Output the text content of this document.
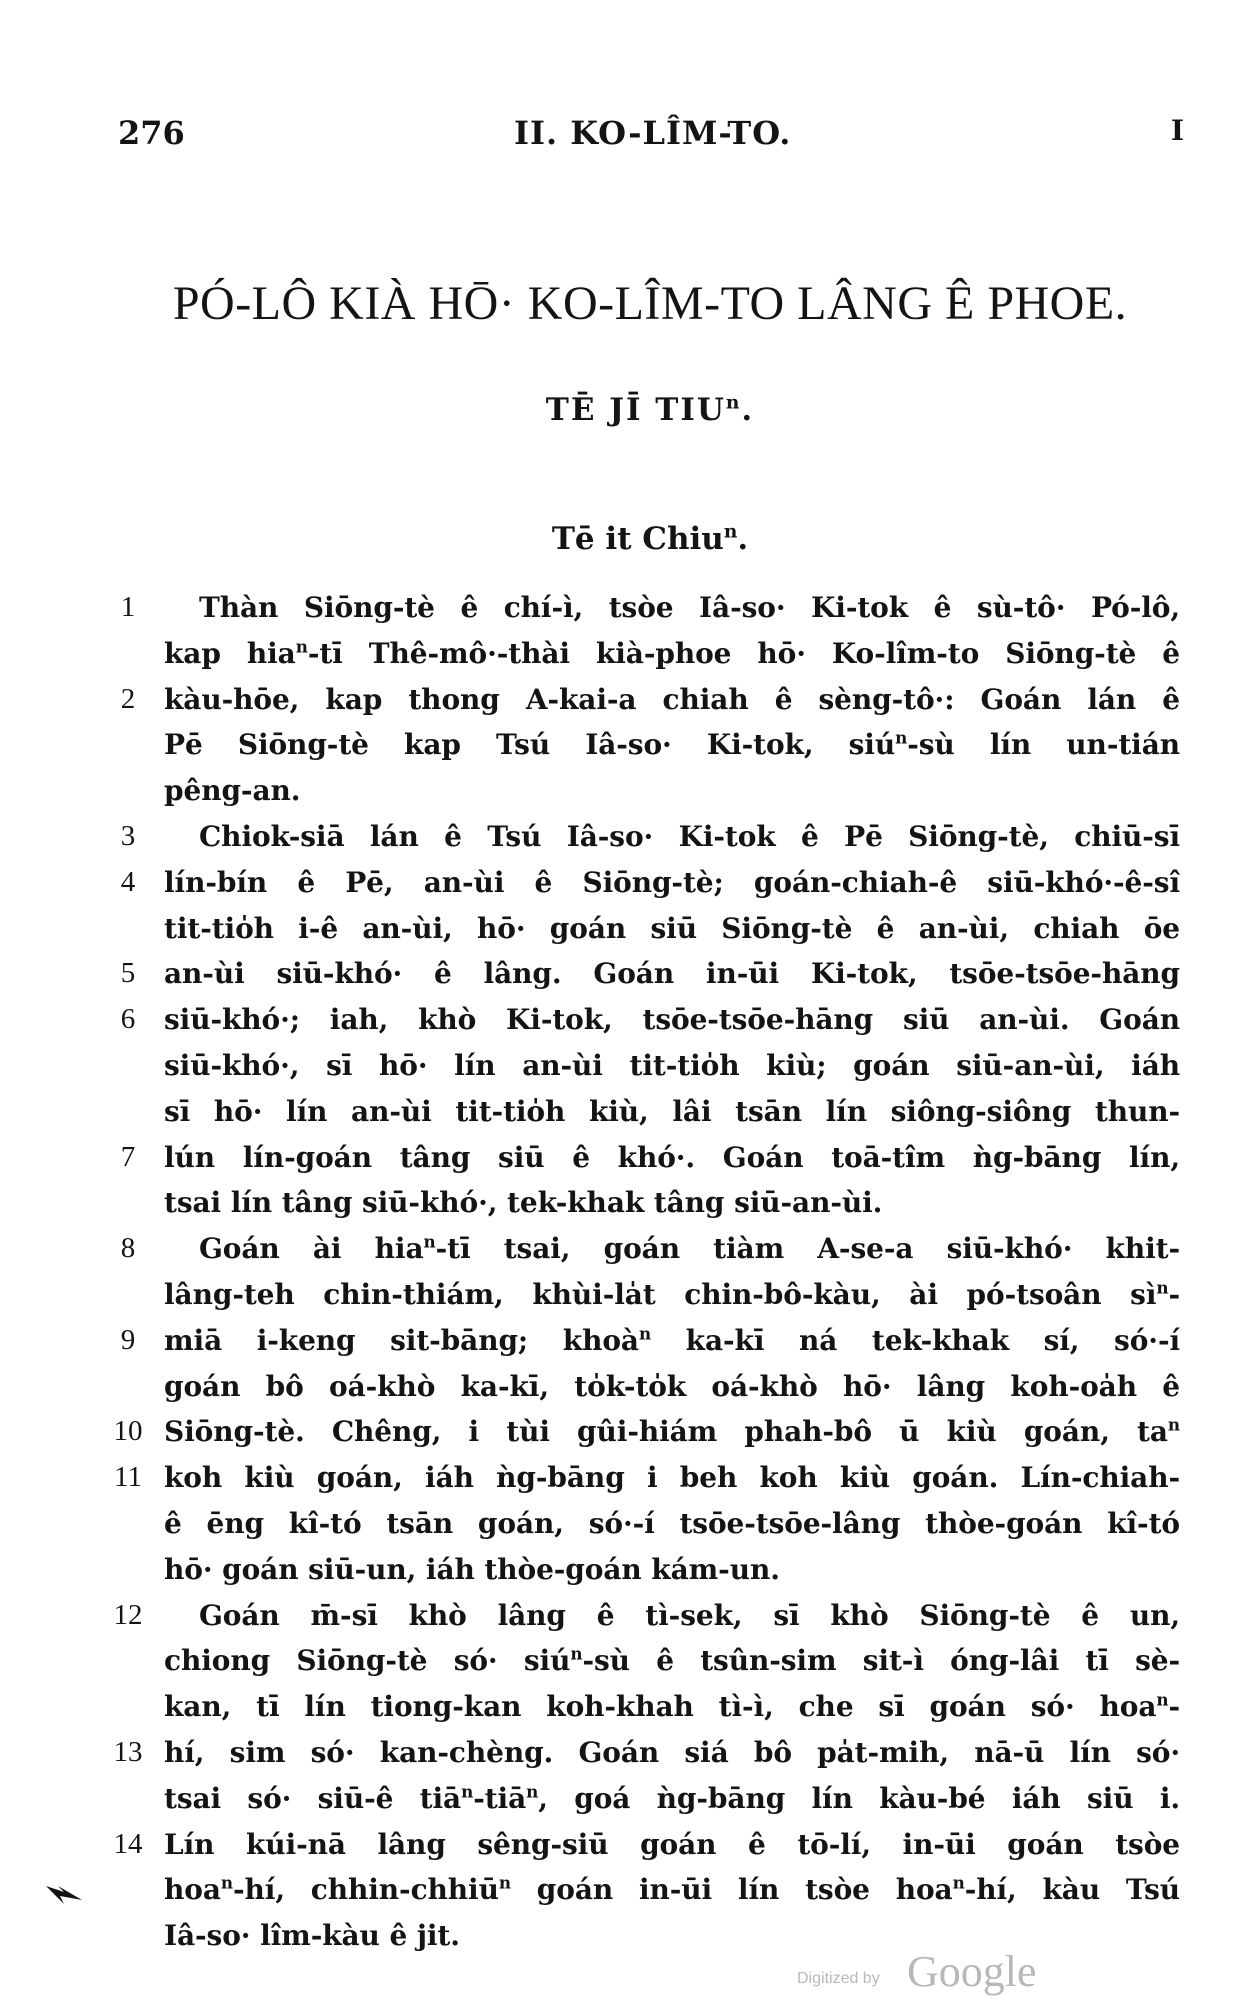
276	II. KO-LÎM-TO.	I
PÓ-LÔ KIÀ HŌ· KO-LÎM-TO LÂNG Ê PHOE.
TĒ JĪ TIU$^n$.
Tē it Chiu$^n$.
1	Thàn Siōng-tè ê chí-ì, tsòe Iâ-so· Ki-tok ê sù-tô· Pó-lô,
kap hia$^n$-tī Thê-mô·-thài kià-phoe hō· Ko-lîm-to Siōng-tè ê
2	kàu-hōe, kap thong A-kai-a chiah ê sèng-tô·: Goán lán ê
Pē Siōng-tè kap Tsú Iâ-so· Ki-tok, siú$^n$-sù lín un-tián
pêng-an.
3	Chiok-siā lán ê Tsú Iâ-so· Ki-tok ê Pē Siōng-tè, chiū-sī
4	lín-bín ê Pē, an-ùi ê Siōng-tè; goán-chiah-ê siū-khó·-ê-sî
tit-tio̍h i-ê an-ùi, hō· goán siū Siōng-tè ê an-ùi, chiah ōe
5	an-ùi siū-khó· ê lâng. Goán in-ūi Ki-tok, tsōe-tsōe-hāng
6	siū-khó·; iah, khò Ki-tok, tsōe-tsōe-hāng siū an-ùi. Goán
siū-khó·, sī hō· lín an-ùi tit-tio̍h kiù; goán siū-an-ùi, iáh
sī hō· lín an-ùi tit-tio̍h kiù, lâi tsān lín siông-siông thun-
7	lún lín-goán tâng siū ê khó·. Goán toā-tîm ǹg-bāng lín,
tsai lín tâng siū-khó·, tek-khak tâng siū-an-ùi.
8	Goán ài hia$^n$-tī tsai, goán tiàm A-se-a siū-khó· khit-
lâng-teh chin-thiám, khùi-la̍t chin-bô-kàu, ài pó-tsoân $sì^n-$
9	miā i-keng sit-bāng; khoà$^n$ ka-kī ná tek-khak sí, só·-í
goán bô oá-khò ka-kī, to̍k-to̍k oá-khò hō· lâng koh-oa̍h ê
10 Siōng-tè. Chêng, i tùi gûi-hiám phah-bô ū kiù goán, $ta^n$
11 koh kiù goán, iáh ǹg-bāng i beh koh kiù goán. Lín-chiah-
ê ēng kî-tó tsān goán, só·-í tsōe-tsōe-lâng thòe-goán kî-tó
hō· goán siū-un, iáh thòe-goán kám-un.
12 Goán m̄-sī khò lâng ê tì-sek, sī khò Siōng-tè ê un,
chiong Siōng-tè só· siú$^n$-sù ê tsûn-sim sit-ì óng-lâi tī sè-
kan, tī lín tiong-kan koh-khah tì-ì, che sī goán só· hoa$^n$-
13 hí, sim só· kan-chèng. Goán siá bô pa̍t-mih, nā-ū lín só·
tsai só· siū-ê tiā$^n$-tiā$^n$, goá ǹg-bāng lín kàu-bé iáh siū i.
14 Lín kúi-nā lâng sêng-siū goán ê tō-lí, in-ūi goán tsòe
hoa$^n$-hí, chhin-chhiū$^n$ goán in-ūi lín tsòe hoa$^n$-hí, kàu Tsú
Iâ-so· lîm-kàu ê jit.
Digitized by Google
